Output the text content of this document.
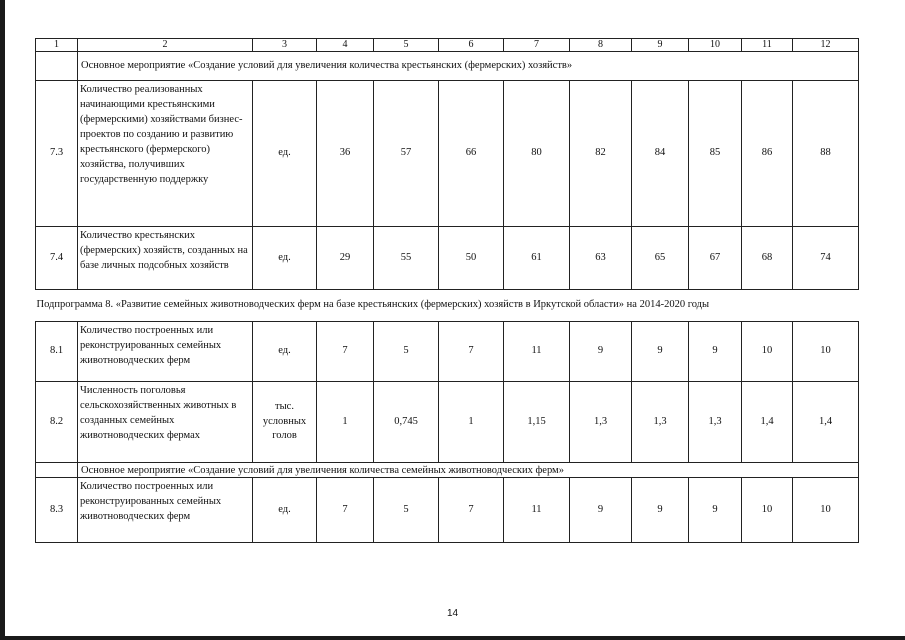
1	2	3	4	5	6	7	8	9	10	11	12
	Основное мероприятие «Создание условий для увеличения количества крестьянских (фермерских) хозяйств»										
7.3	Количество реализованных начинающими крестьянскими (фермерскими) хозяйствами бизнес-проектов по созданию и развитию крестьянского (фермерского) хозяйства, получивших государственную поддержку	ед.	36	57	66	80	82	84	85	86	88
7.4	Количество крестьянских (фермерских) хозяйств, созданных на базе личных подсобных хозяйств	ед.	29	55	50	61	63	65	67	68	74
Подпрограмма 8. «Развитие семейных животноводческих ферм на базе крестьянских (фермерских) хозяйств в Иркутской области» на 2014-2020 годы											
8.1	Количество построенных или реконструированных семейных животноводческих ферм	ед.	7	5	7	11	9	9	9	10	10
8.2	Численность поголовья сельскохозяйственных животных в созданных семейных животноводческих фермах	тыс. условных голов	1	0,745	1	1,15	1,3	1,3	1,3	1,4	1,4
	Основное мероприятие «Создание условий для увеличения количества семейных животноводческих ферм»										
8.3	Количество построенных или реконструированных семейных животноводческих ферм	ед.	7	5	7	11	9	9	9	10	10
14
